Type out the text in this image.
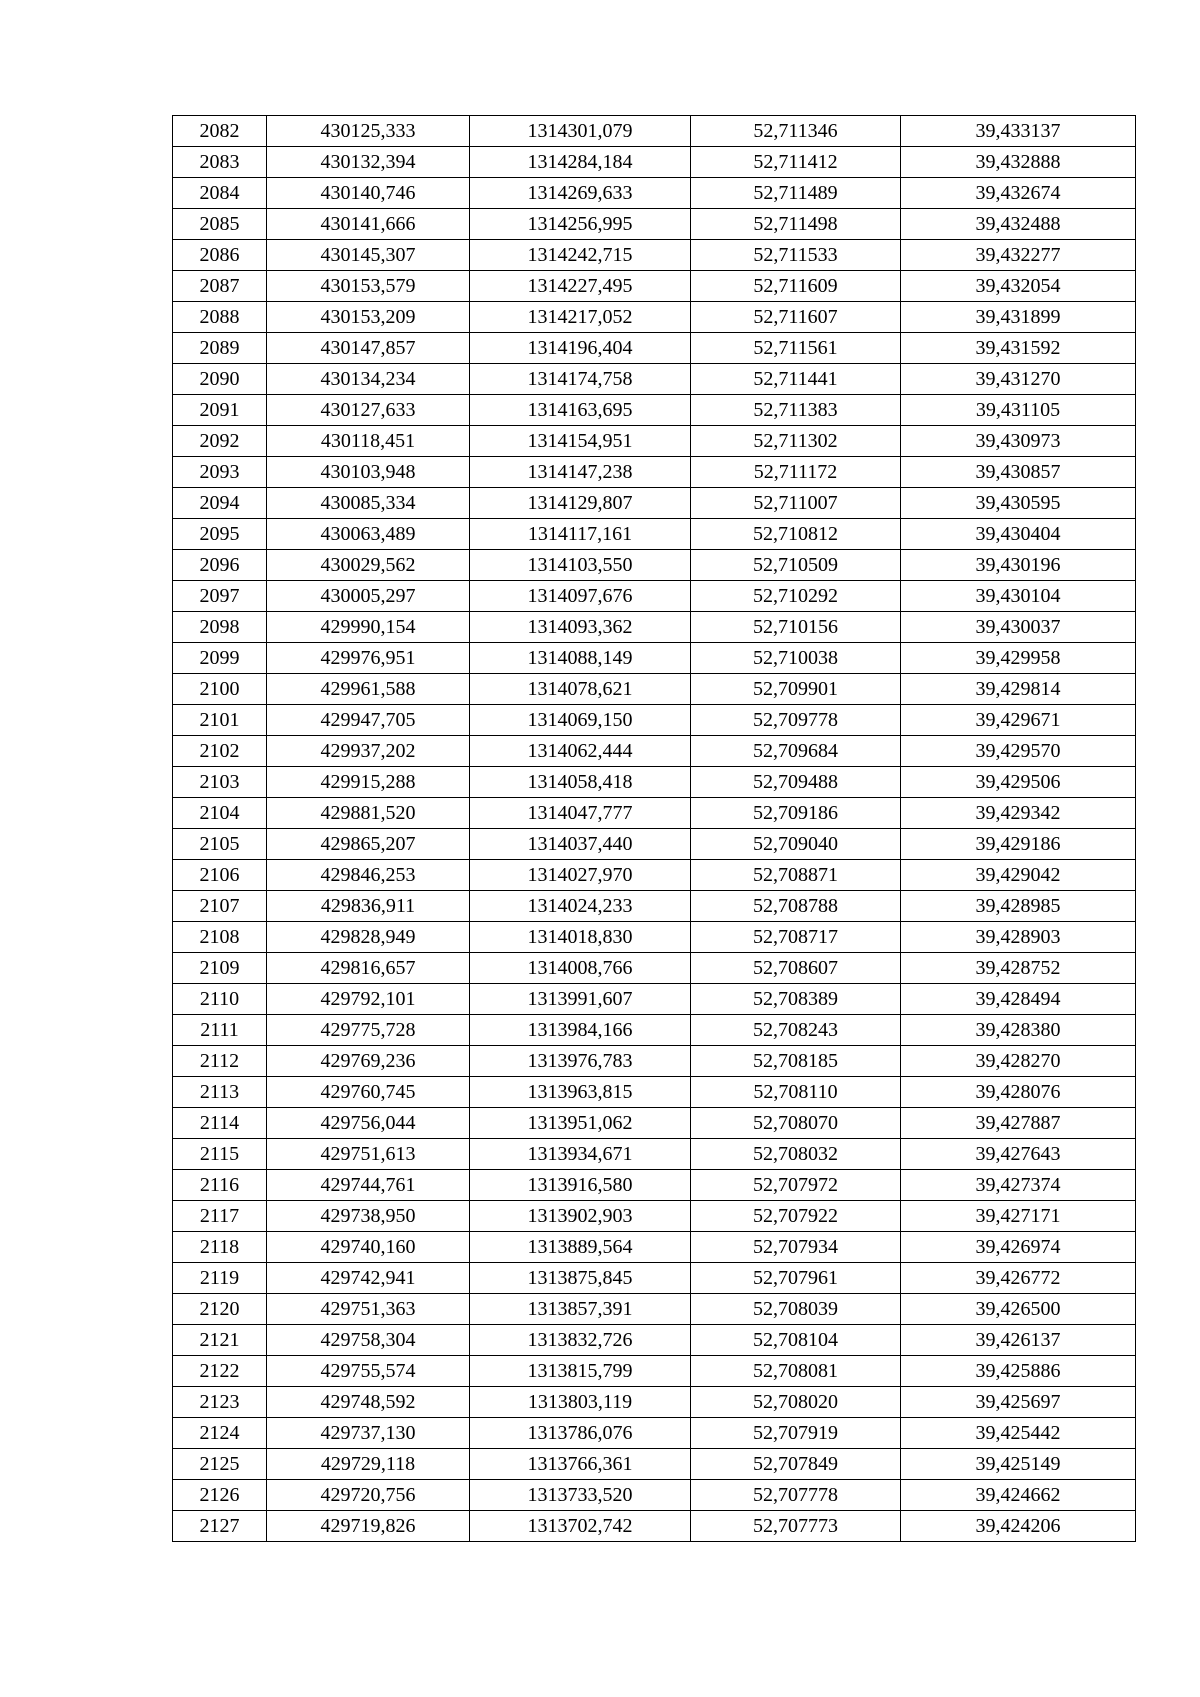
2082	430125,333	1314301,079	52,711346	39,433137
2083	430132,394	1314284,184	52,711412	39,432888
2084	430140,746	1314269,633	52,711489	39,432674
2085	430141,666	1314256,995	52,711498	39,432488
2086	430145,307	1314242,715	52,711533	39,432277
2087	430153,579	1314227,495	52,711609	39,432054
2088	430153,209	1314217,052	52,711607	39,431899
2089	430147,857	1314196,404	52,711561	39,431592
2090	430134,234	1314174,758	52,711441	39,431270
2091	430127,633	1314163,695	52,711383	39,431105
2092	430118,451	1314154,951	52,711302	39,430973
2093	430103,948	1314147,238	52,711172	39,430857
2094	430085,334	1314129,807	52,711007	39,430595
2095	430063,489	1314117,161	52,710812	39,430404
2096	430029,562	1314103,550	52,710509	39,430196
2097	430005,297	1314097,676	52,710292	39,430104
2098	429990,154	1314093,362	52,710156	39,430037
2099	429976,951	1314088,149	52,710038	39,429958
2100	429961,588	1314078,621	52,709901	39,429814
2101	429947,705	1314069,150	52,709778	39,429671
2102	429937,202	1314062,444	52,709684	39,429570
2103	429915,288	1314058,418	52,709488	39,429506
2104	429881,520	1314047,777	52,709186	39,429342
2105	429865,207	1314037,440	52,709040	39,429186
2106	429846,253	1314027,970	52,708871	39,429042
2107	429836,911	1314024,233	52,708788	39,428985
2108	429828,949	1314018,830	52,708717	39,428903
2109	429816,657	1314008,766	52,708607	39,428752
2110	429792,101	1313991,607	52,708389	39,428494
2111	429775,728	1313984,166	52,708243	39,428380
2112	429769,236	1313976,783	52,708185	39,428270
2113	429760,745	1313963,815	52,708110	39,428076
2114	429756,044	1313951,062	52,708070	39,427887
2115	429751,613	1313934,671	52,708032	39,427643
2116	429744,761	1313916,580	52,707972	39,427374
2117	429738,950	1313902,903	52,707922	39,427171
2118	429740,160	1313889,564	52,707934	39,426974
2119	429742,941	1313875,845	52,707961	39,426772
2120	429751,363	1313857,391	52,708039	39,426500
2121	429758,304	1313832,726	52,708104	39,426137
2122	429755,574	1313815,799	52,708081	39,425886
2123	429748,592	1313803,119	52,708020	39,425697
2124	429737,130	1313786,076	52,707919	39,425442
2125	429729,118	1313766,361	52,707849	39,425149
2126	429720,756	1313733,520	52,707778	39,424662
2127	429719,826	1313702,742	52,707773	39,424206
